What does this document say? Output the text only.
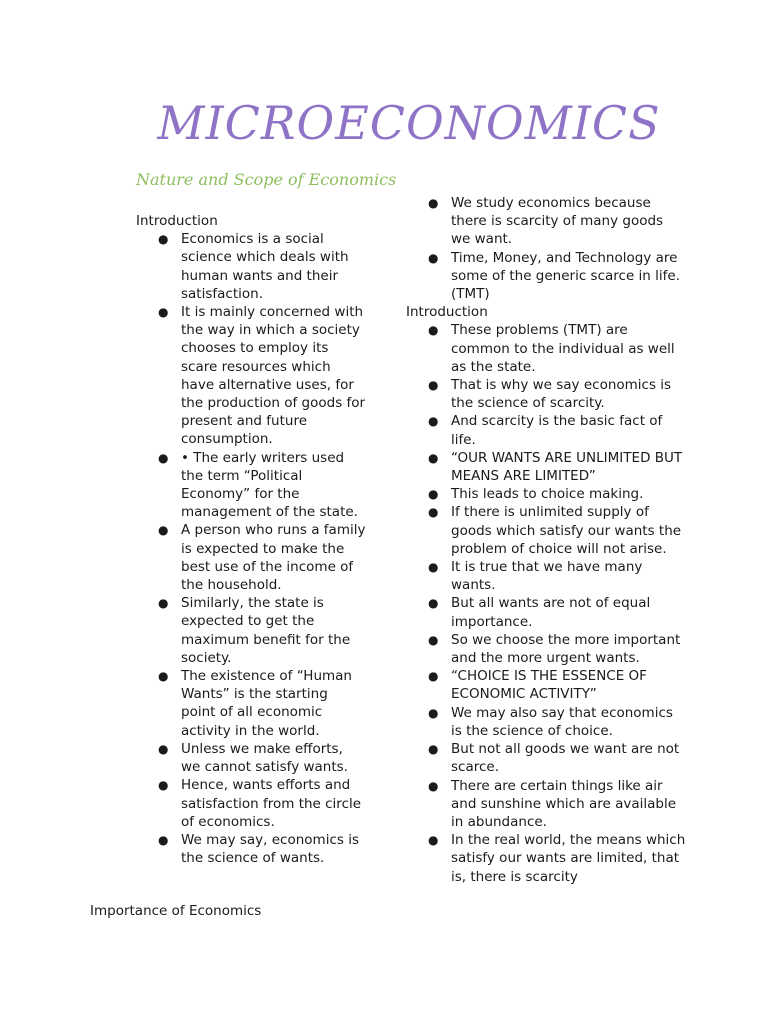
MICROECONOMICS
Nature and Scope of Economics

Introduction

● Economics is a social science which deals with human wants and their satisfaction.
● It is mainly concerned with the way in which a society chooses to employ its scare resources which have alternative uses, for the production of goods for present and future consumption.
● • The early writers used the term “Political Economy” for the management of the state.
● A person who runs a family is expected to make the best use of the income of the household.
● Similarly, the state is expected to get the maximum benefit for the society.
● The existence of “Human Wants” is the starting point of all economic activity in the world.
● Unless we make efforts, we cannot satisfy wants.
● Hence, wants efforts and satisfaction from the circle of economics.
● We may say, economics is the science of wants.

Importance of Economics

● We study economics because there is scarcity of many goods we want.
● Time, Money, and Technology are some of the generic scarce in life. (TMT)

Introduction

● These problems (TMT) are common to the individual as well as the state.
● That is why we say economics is the science of scarcity.
● And scarcity is the basic fact of life.
● “OUR WANTS ARE UNLIMITED BUT MEANS ARE LIMITED”
● This leads to choice making.
● If there is unlimited supply of goods which satisfy our wants the problem of choice will not arise.
● It is true that we have many wants.
● But all wants are not of equal importance.
● So we choose the more important and the more urgent wants.
● “CHOICE IS THE ESSENCE OF ECONOMIC ACTIVITY”
● We may also say that economics is the science of choice.
● But not all goods we want are not scarce.
● There are certain things like air and sunshine which are available in abundance.
● In the real world, the means which satisfy our wants are limited, that is, there is scarcity
